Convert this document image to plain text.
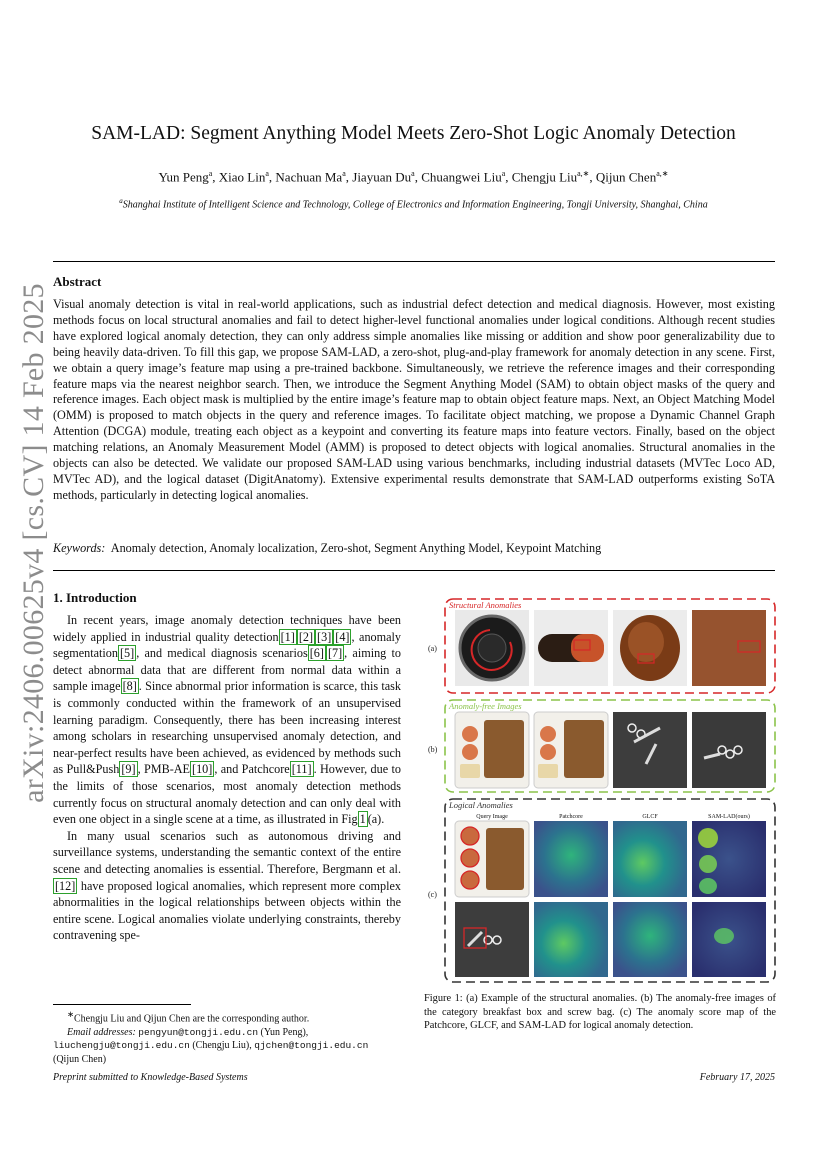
arXiv:2406.00625v4 [cs.CV] 14 Feb 2025
SAM-LAD: Segment Anything Model Meets Zero-Shot Logic Anomaly Detection
Yun Peng$^a$, Xiao Lin$^a$, Nachuan Ma$^a$, Jiayuan Du$^a$, Chuangwei Liu$^a$, Chengju Liu$^{a,∗}$, Qijun Chen$^{a,∗}$
$^a$Shanghai Institute of Intelligent Science and Technology, College of Electronics and Information Engineering, Tongji University, Shanghai, China
Abstract
Visual anomaly detection is vital in real-world applications, such as industrial defect detection and medical diagnosis. However, most existing methods focus on local structural anomalies and fail to detect higher-level functional anomalies under logical conditions. Although recent studies have explored logical anomaly detection, they can only address simple anomalies like missing or addition and show poor generalizability due to being heavily data-driven. To fill this gap, we propose SAM-LAD, a zero-shot, plug-and-play framework for anomaly detection in any scene. First, we obtain a query image’s feature map using a pre-trained backbone. Simultaneously, we retrieve the reference images and their corresponding feature maps via the nearest neighbor search. Then, we introduce the Segment Anything Model (SAM) to obtain object masks of the query and reference images. Each object mask is multiplied by the entire image’s feature map to obtain object feature maps. Next, an Object Matching Model (OMM) is proposed to match objects in the query and reference images. To facilitate object matching, we propose a Dynamic Channel Graph Attention (DCGA) module, treating each object as a keypoint and converting its feature maps into feature vectors. Finally, based on the object matching relations, an Anomaly Measurement Model (AMM) is proposed to detect objects with logical anomalies. Structural anomalies in the objects can also be detected. We validate our proposed SAM-LAD using various benchmarks, including industrial datasets (MVTec Loco AD, MVTec AD), and the logical dataset (DigitAnatomy). Extensive experimental results demonstrate that SAM-LAD outperforms existing SoTA methods, particularly in detecting logical anomalies.
Keywords: Anomaly detection, Anomaly localization, Zero-shot, Segment Anything Model, Keypoint Matching
1. Introduction

In recent years, image anomaly detection techniques have been widely applied in industrial quality detection [1] [2] [3] [4] , anomaly segmentation [5] , and medical diagnosis scenarios [6] [7] , aiming to detect abnormal data that are different from normal data within a sample image [8] . Since abnormal prior information is scarce, this task is commonly conducted within the framework of an unsupervised learning paradigm. Consequently, there has been increasing interest among scholars in researching unsupervised anomaly detection, and near-perfect results have been achieved, as evidenced by methods such as Pull&Push [9] , PMB-AE [10] , and Patchcore [11] . However, due to the limits of those scenarios, most anomaly detection methods currently focus on structural anomaly detection and can only deal with even one object in a single scene at a time, as illustrated in Fig 1 (a).

In many usual scenarios such as autonomous driving and surveillance systems, understanding the semantic context of the entire scene and detecting anomalies is essential. Therefore, Bergmann et al.[12] have proposed logical anomalies, which represent more complex abnormalities in the logical relationships between objects within the entire scene. Logical anomalies violate underlying constraints, thereby contravening spe-

∗Chengju Liu and Qijun Chen are the corresponding author.
Email addresses: pengyun@tongji.edu.cn (Yun Peng),
liuchengju@tongji.edu.cn (Chengju Liu), qjchen@tongji.edu.cn
(Qijun Chen)
Preprint submitted to Knowledge-Based Systems	February 17, 2025
Structural Anomalies
(a)
Anomaly-free Images
(b)
Logical Anomalies
(c)
Query Image	Patchcore	GLCF	SAM-LAD(ours)
Figure 1: (a) Example of the structural anomalies. (b) The anomaly-free images of the category breakfast box and screw bag. (c) The anomaly score map of the Patchcore, GLCF, and SAM-LAD for logical anomaly detection.
